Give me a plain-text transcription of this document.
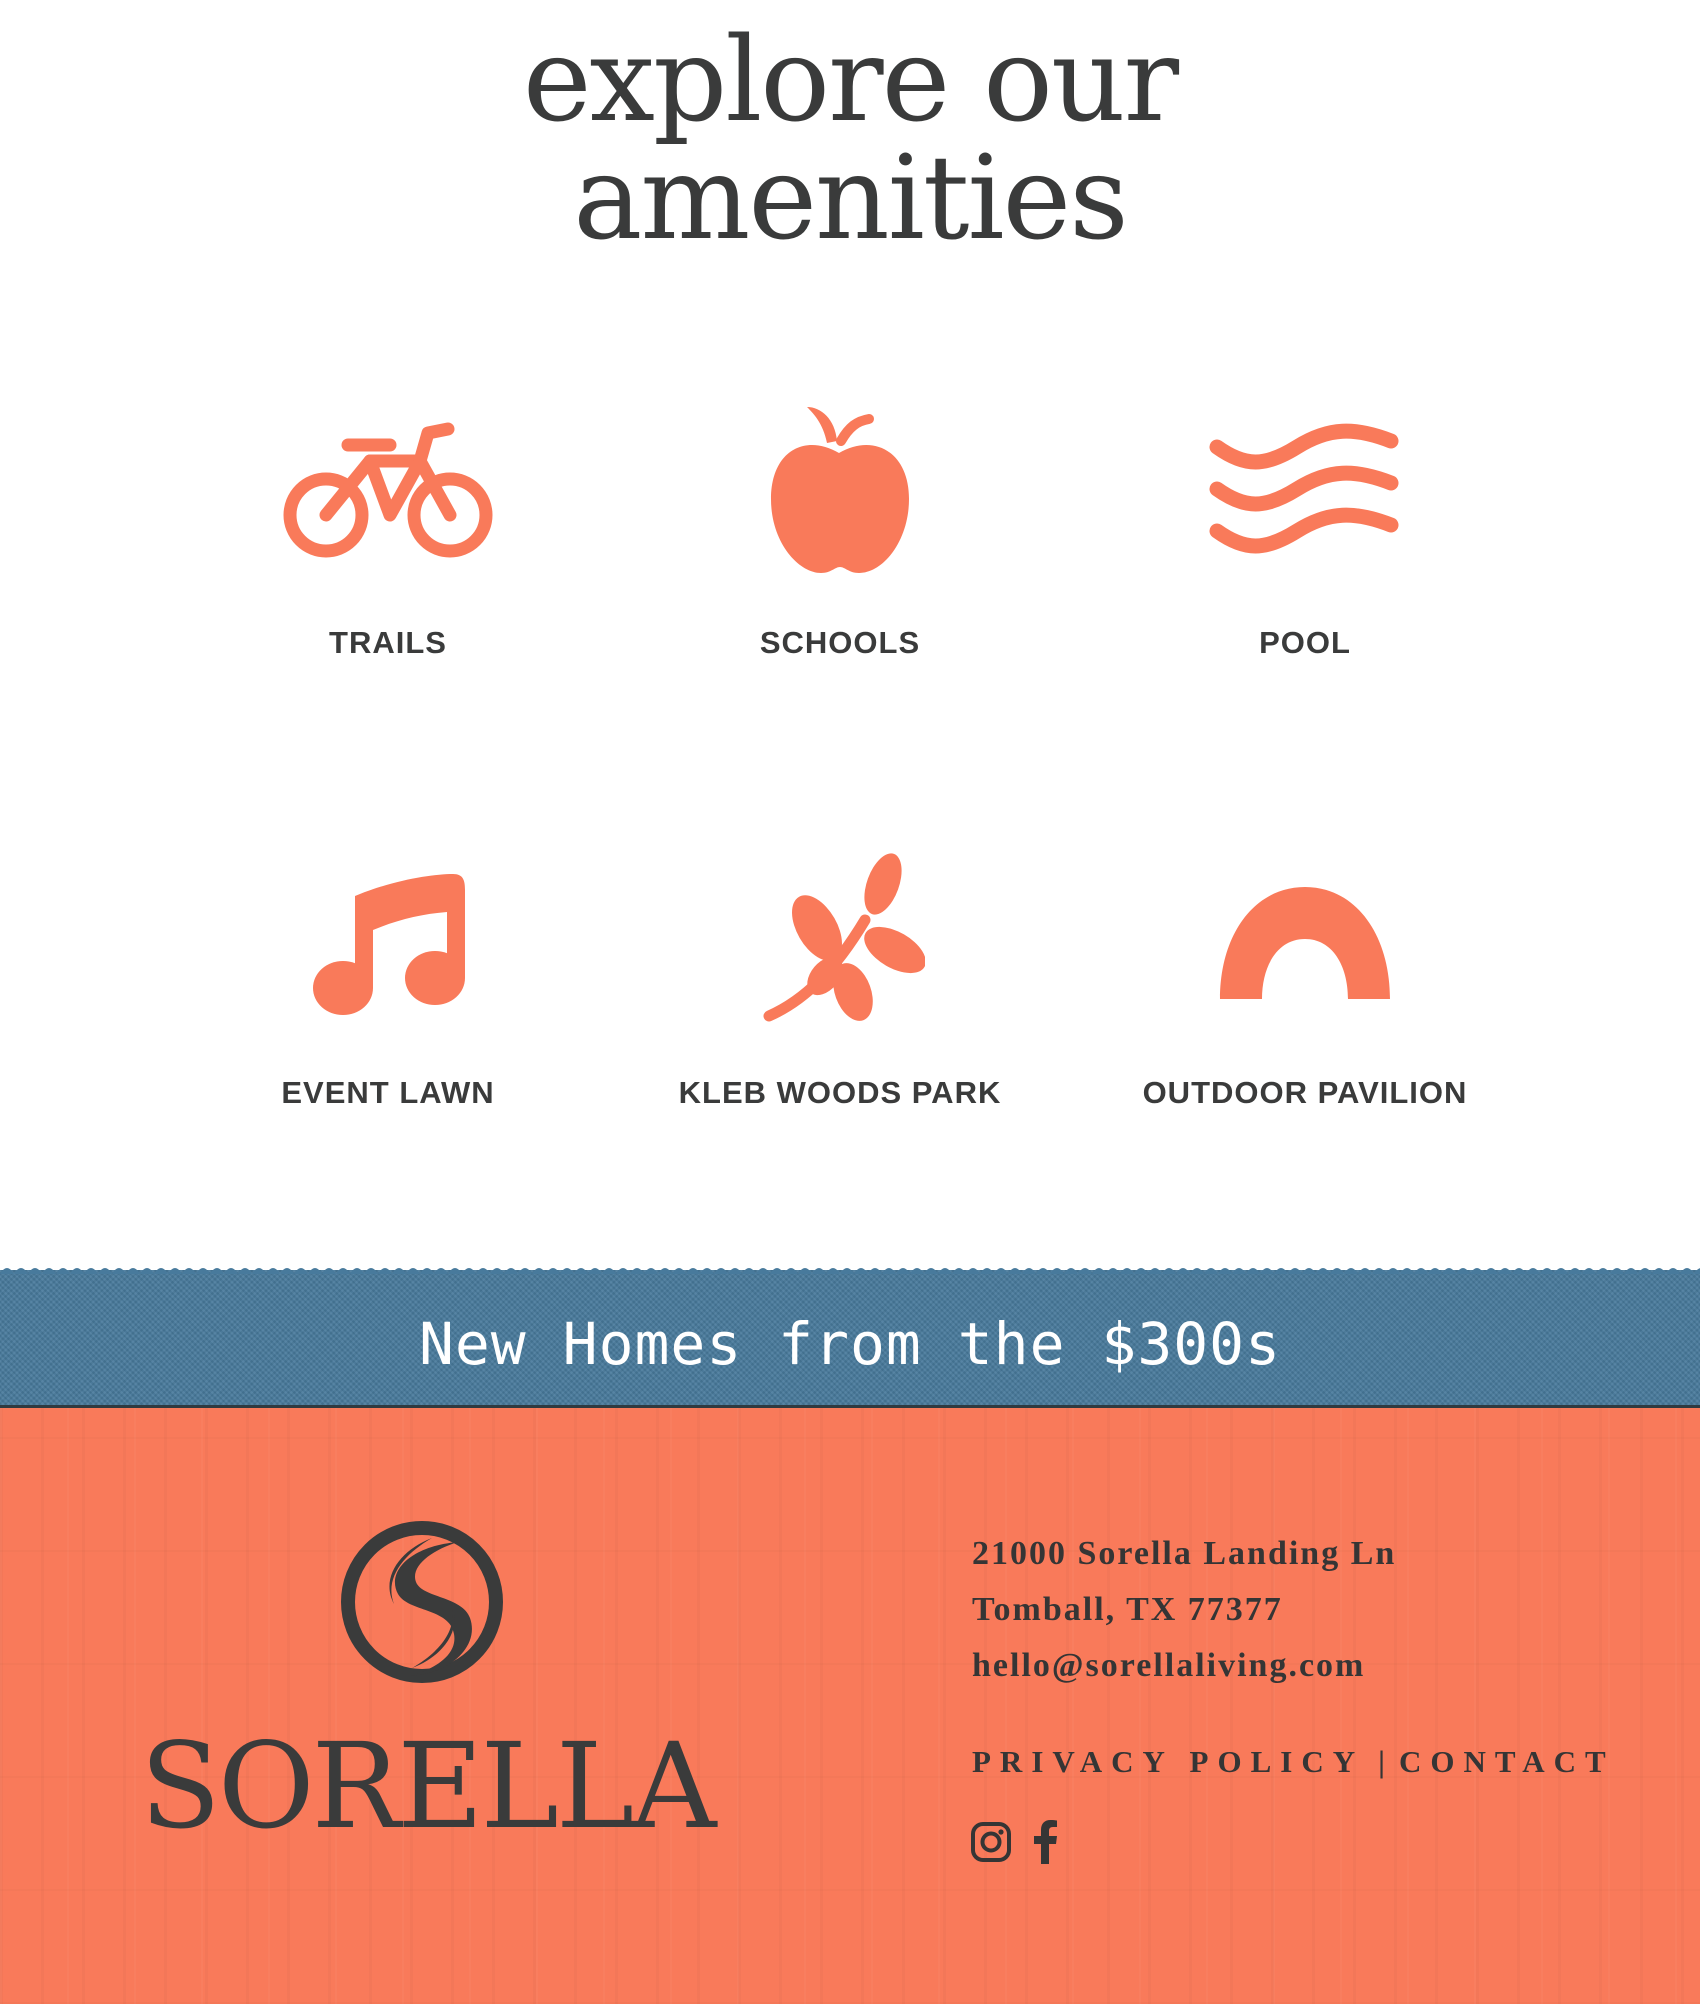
explore our
amenities
TRAILS	SCHOOLS	POOL
EVENT LAWN	KLEB WOODS PARK	OUTDOOR PAVILION
New Homes from the $300s
SORELLA
21000 Sorella Landing Ln
Tomball, TX 77377
hello@sorellaliving.com
PRIVACY POLICY | CONTACT
